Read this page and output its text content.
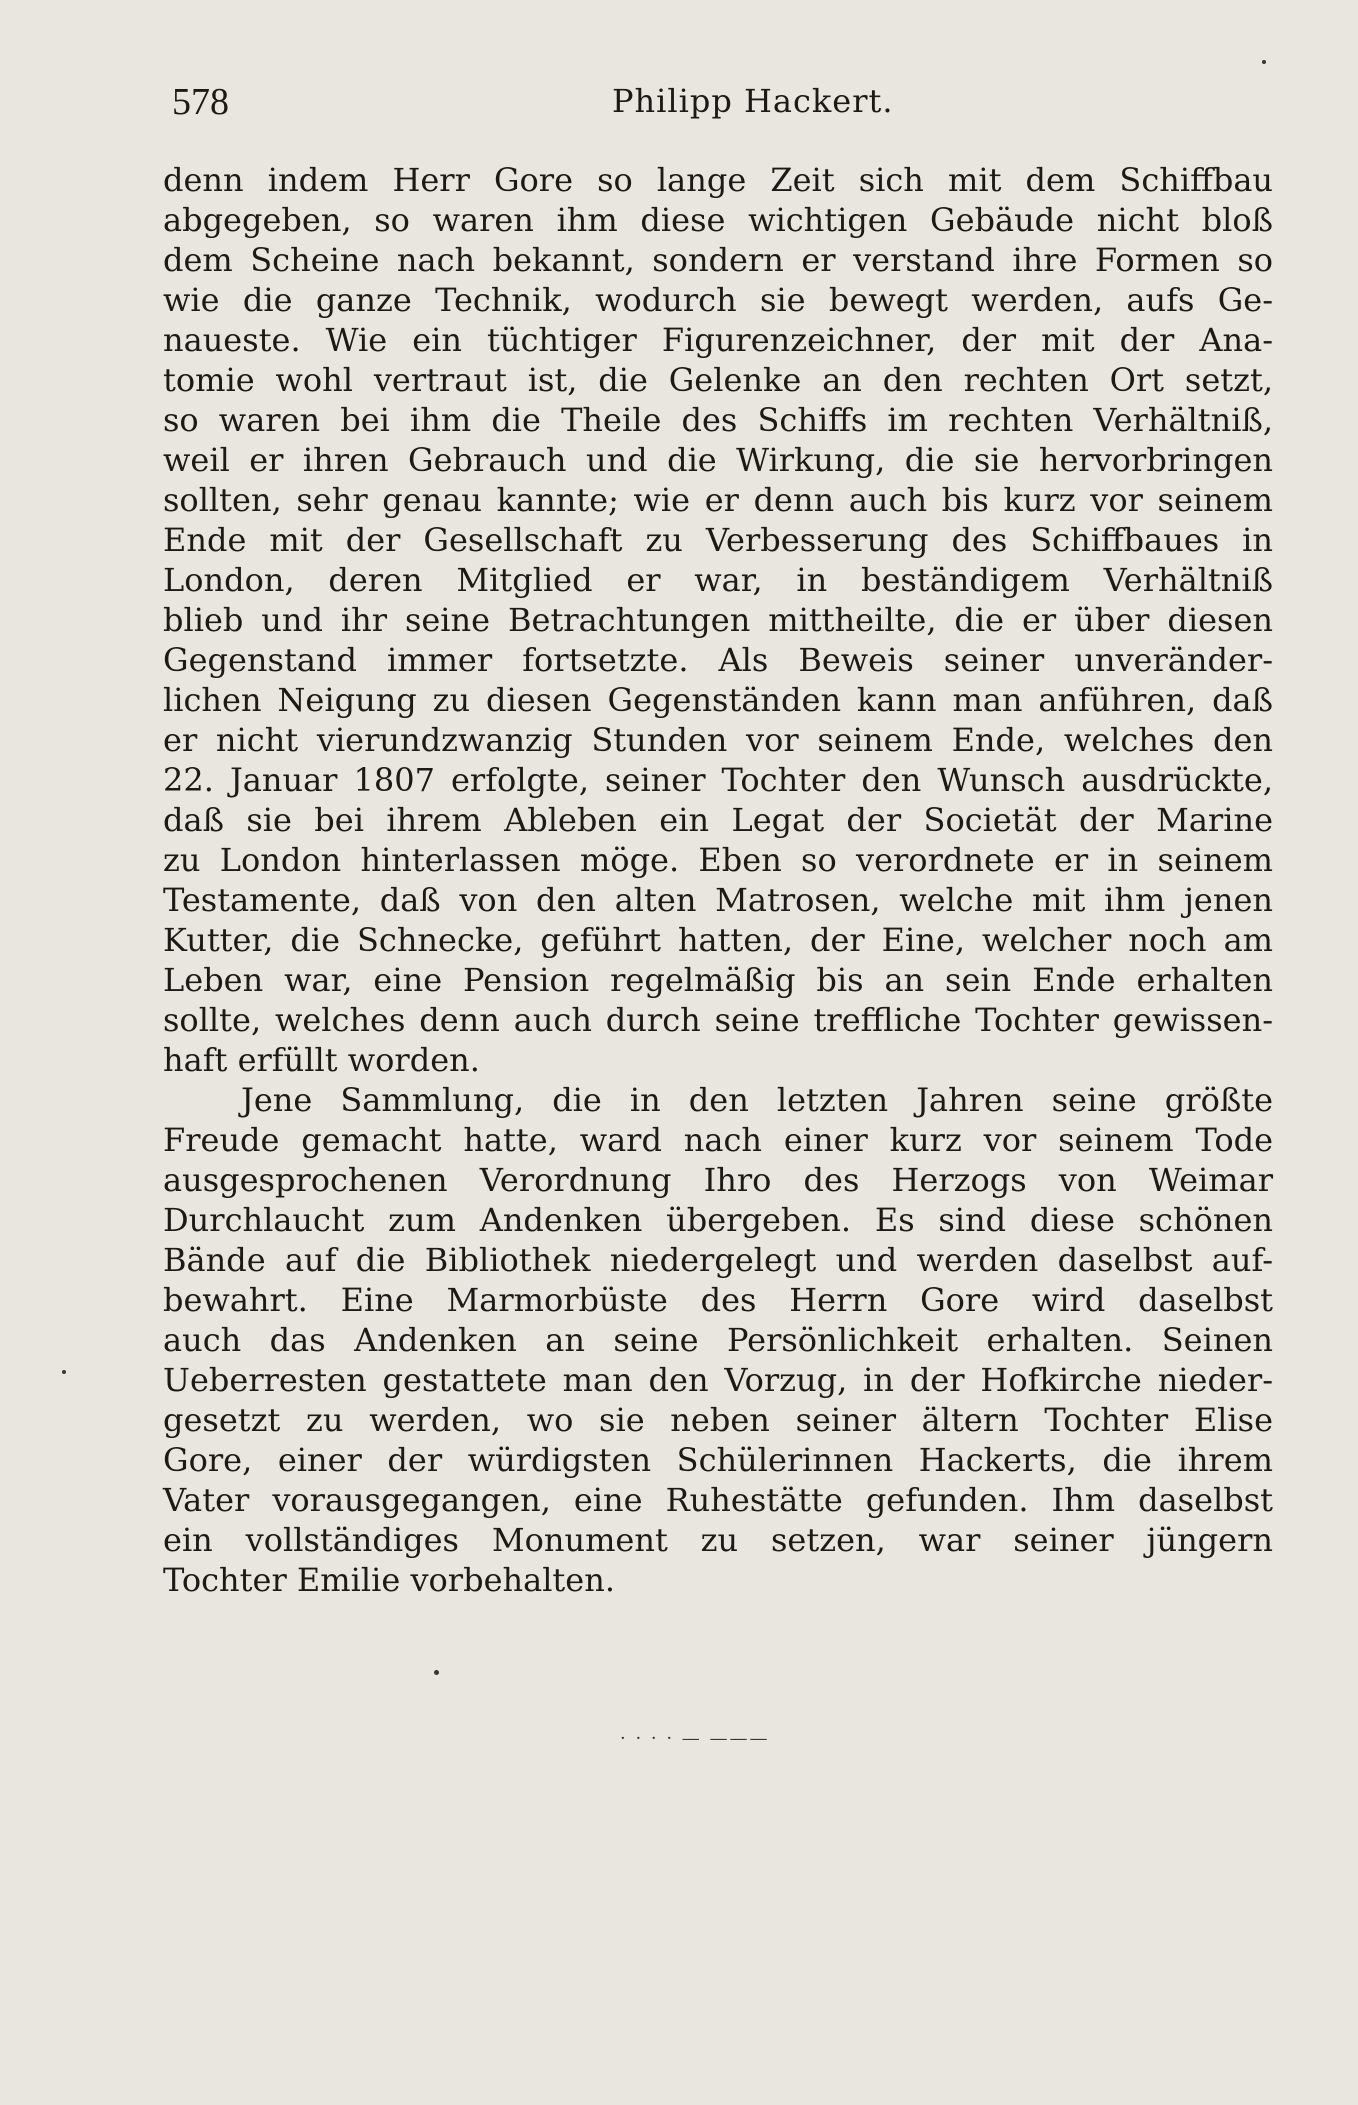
578	Philipp Hackert.
denn indem Herr Gore so lange Zeit sich mit dem Schiffbau
abgegeben, so waren ihm diese wichtigen Gebäude nicht bloß
dem Scheine nach bekannt, sondern er verstand ihre Formen so
wie die ganze Technik, wodurch sie bewegt werden, aufs Ge-
naueste. Wie ein tüchtiger Figurenzeichner, der mit der Ana-
tomie wohl vertraut ist, die Gelenke an den rechten Ort setzt,
so waren bei ihm die Theile des Schiffs im rechten Verhältniß,
weil er ihren Gebrauch und die Wirkung, die sie hervorbringen
sollten, sehr genau kannte; wie er denn auch bis kurz vor seinem
Ende mit der Gesellschaft zu Verbesserung des Schiffbaues in
London, deren Mitglied er war, in beständigem Verhältniß
blieb und ihr seine Betrachtungen mittheilte, die er über diesen
Gegenstand immer fortsetzte. Als Beweis seiner unveränder-
lichen Neigung zu diesen Gegenständen kann man anführen, daß
er nicht vierundzwanzig Stunden vor seinem Ende, welches den
22. Januar 1807 erfolgte, seiner Tochter den Wunsch ausdrückte,
daß sie bei ihrem Ableben ein Legat der Societät der Marine
zu London hinterlassen möge. Eben so verordnete er in seinem
Testamente, daß von den alten Matrosen, welche mit ihm jenen
Kutter, die Schnecke, geführt hatten, der Eine, welcher noch am
Leben war, eine Pension regelmäßig bis an sein Ende erhalten
sollte, welches denn auch durch seine treffliche Tochter gewissen-
haft erfüllt worden.
Jene Sammlung, die in den letzten Jahren seine größte
Freude gemacht hatte, ward nach einer kurz vor seinem Tode
ausgesprochenen Verordnung Ihro des Herzogs von Weimar
Durchlaucht zum Andenken übergeben. Es sind diese schönen
Bände auf die Bibliothek niedergelegt und werden daselbst auf-
bewahrt. Eine Marmorbüste des Herrn Gore wird daselbst
auch das Andenken an seine Persönlichkeit erhalten. Seinen
Ueberresten gestattete man den Vorzug, in der Hofkirche nieder-
gesetzt zu werden, wo sie neben seiner ältern Tochter Elise
Gore, einer der würdigsten Schülerinnen Hackerts, die ihrem
Vater vorausgegangen, eine Ruhestätte gefunden. Ihm daselbst
ein vollständiges Monument zu setzen, war seiner jüngern
Tochter Emilie vorbehalten.
· · · · — ———
